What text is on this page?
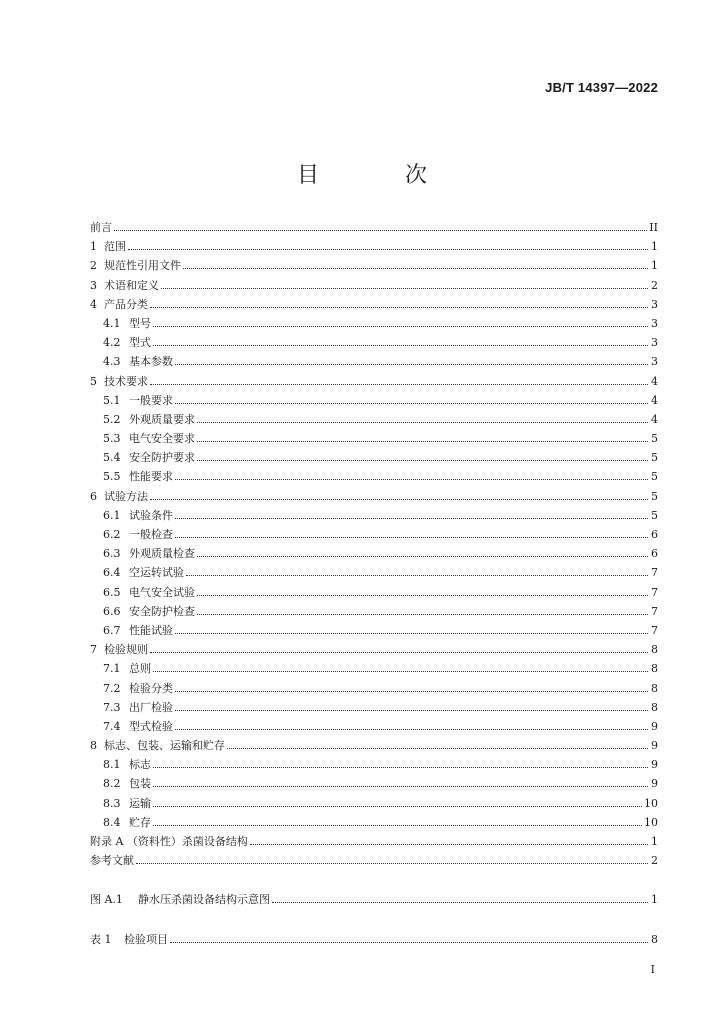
JB/T 14397—2022
目　次
前言	II
1 范围	1
2 规范性引用文件	1
3 术语和定义	2
4 产品分类	3
4.1 型号	3
4.2 型式	3
4.3 基本参数	3
5 技术要求	4
5.1 一般要求	4
5.2 外观质量要求	4
5.3 电气安全要求	5
5.4 安全防护要求	5
5.5 性能要求	5
6 试验方法	5
6.1 试验条件	5
6.2 一般检查	6
6.3 外观质量检查	6
6.4 空运转试验	7
6.5 电气安全试验	7
6.6 安全防护检查	7
6.7 性能试验	7
7 检验规则	8
7.1 总则	8
7.2 检验分类	8
7.3 出厂检验	8
7.4 型式检验	9
8 标志、包装、运输和贮存	9
8.1 标志	9
8.2 包装	9
8.3 运输	10
8.4 贮存	10
附录 A （资料性）杀菌设备结构	1
参考文献	2
图 A.1	静水压杀菌设备结构示意图	1
表 1	检验项目	8
I
